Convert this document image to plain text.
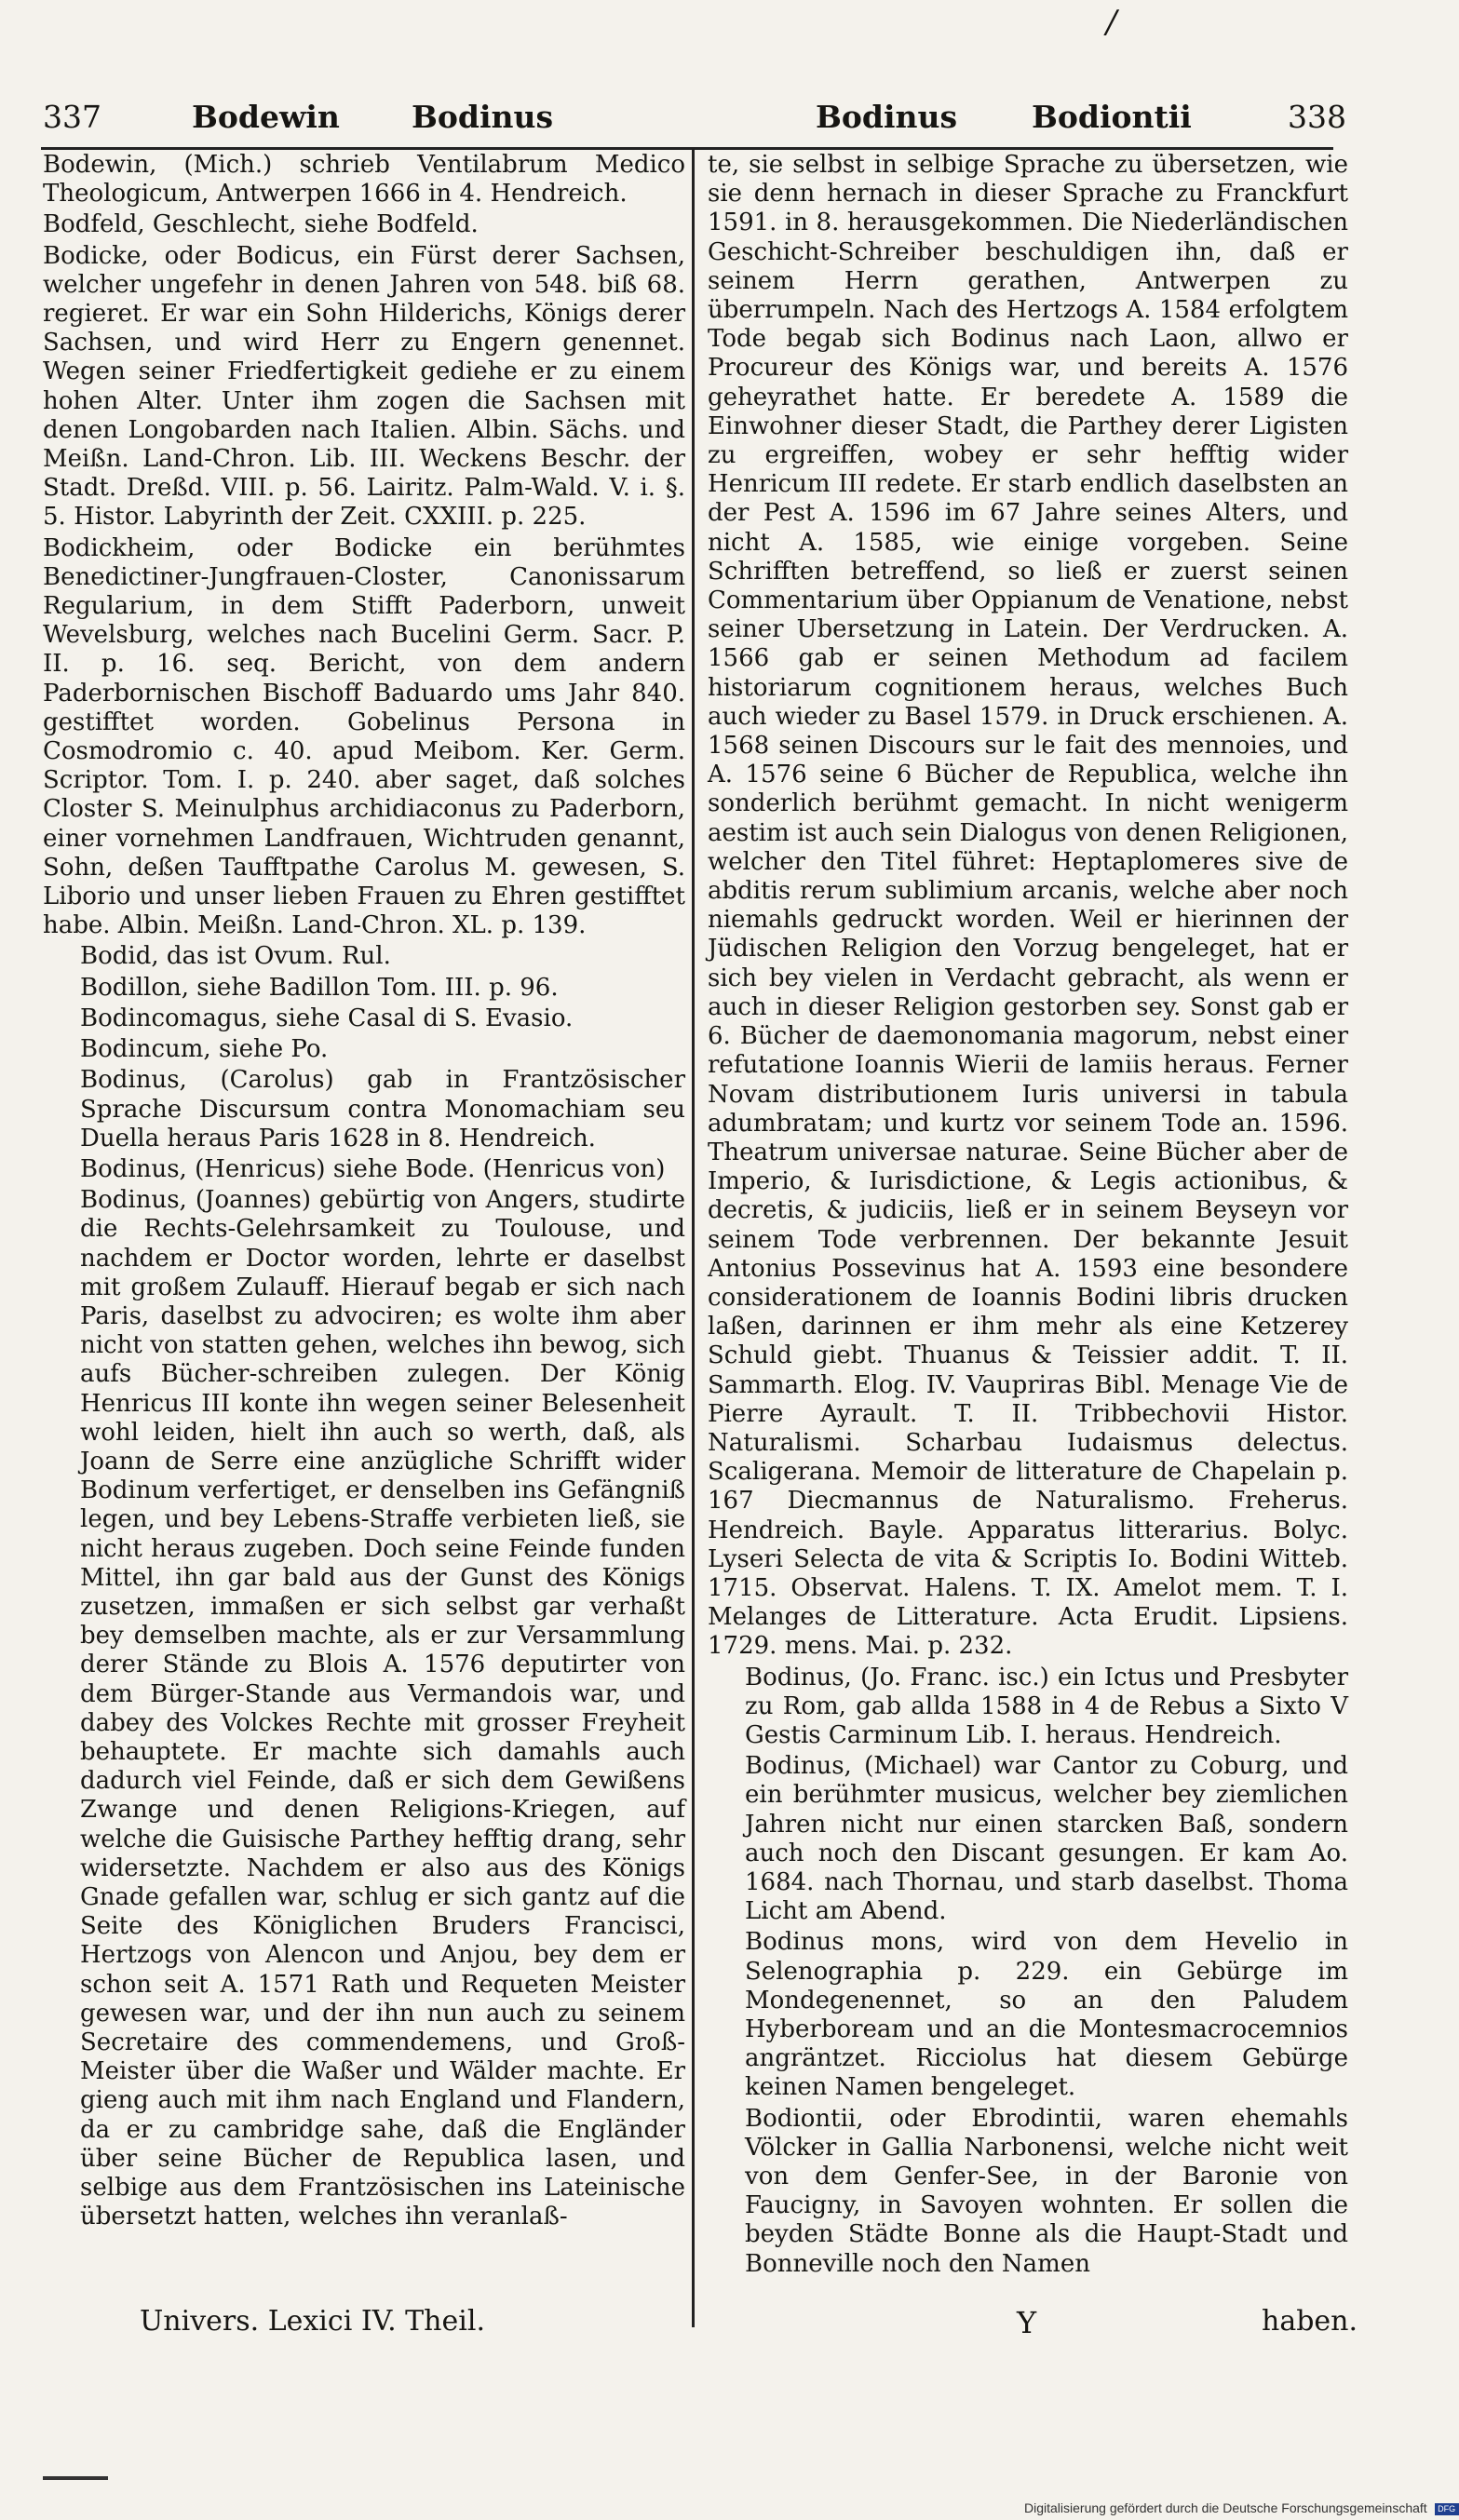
/
337	Bodewin Bodinus	Bodinus Bodiontii	338

Bodewin, (Mich.) schrieb Ventilabrum Medico Theologicum, Antwerpen 1666 in 4. Hendreich.

Bodfeld, Geschlecht, siehe Bodfeld.

Bodicke, oder Bodicus, ein Fürst derer Sachsen, welcher ungefehr in denen Jahren von 548. biß 68. regieret. Er war ein Sohn Hilderichs, Königs derer Sachsen, und wird Herr zu Engern genennet. Wegen seiner Friedfertigkeit gediehe er zu einem hohen Alter. Unter ihm zogen die Sachsen mit denen Longobarden nach Italien. Albin. Sächs. und Meißn. Land-Chron. Lib. III. Weckens Beschr. der Stadt. Dreßd. VIII. p. 56. Lairitz. Palm-Wald. V. i. §. 5. Histor. Labyrinth der Zeit. CXXIII. p. 225.

Bodickheim, oder Bodicke ein berühmtes Benedictiner-Jungfrauen-Closter, Canonissarum Regularium, in dem Stifft Paderborn, unweit Wevelsburg, welches nach Bucelini Germ. Sacr. P. II. p. 16. seq. Bericht, von dem andern Paderbornischen Bischoff Baduardo ums Jahr 840. gestifftet worden. Gobelinus Persona in Cosmodromio c. 40. apud Meibom. Ker. Germ. Scriptor. Tom. I. p. 240. aber saget, daß solches Closter S. Meinulphus archidiaconus zu Paderborn, einer vornehmen Landfrauen, Wichtruden genannt, Sohn, deßen Taufftpathe Carolus M. gewesen, S. Liborio und unser lieben Frauen zu Ehren gestifftet habe. Albin. Meißn. Land-Chron. XL. p. 139.

Bodid, das ist Ovum. Rul.

Bodillon, siehe Badillon Tom. III. p. 96.

Bodincomagus, siehe Casal di S. Evasio.

Bodincum, siehe Po.

Bodinus, (Carolus) gab in Frantzösischer Sprache Discursum contra Monomachiam seu Duella heraus Paris 1628 in 8. Hendreich.

Bodinus, (Henricus) siehe Bode. (Henricus von)

Bodinus, (Joannes) gebürtig von Angers, studirte die Rechts-Gelehrsamkeit zu Toulouse, und nachdem er Doctor worden, lehrte er daselbst mit großem Zulauff. Hierauf begab er sich nach Paris, daselbst zu advociren; es wolte ihm aber nicht von statten gehen, welches ihn bewog, sich aufs Bücher-schreiben zulegen. Der König Henricus III konte ihn wegen seiner Belesenheit wohl leiden, hielt ihn auch so werth, daß, als Joann de Serre eine anzügliche Schrifft wider Bodinum verfertiget, er denselben ins Gefängniß legen, und bey Lebens-Straffe verbieten ließ, sie nicht heraus zugeben. Doch seine Feinde funden Mittel, ihn gar bald aus der Gunst des Königs zusetzen, immaßen er sich selbst gar verhaßt bey demselben machte, als er zur Versammlung derer Stände zu Blois A. 1576 deputirter von dem Bürger-Stande aus Vermandois war, und dabey des Volckes Rechte mit grosser Freyheit behauptete. Er machte sich damahls auch dadurch viel Feinde, daß er sich dem Gewißens Zwange und denen Religions-Kriegen, auf welche die Guisische Parthey hefftig drang, sehr widersetzte. Nachdem er also aus des Königs Gnade gefallen war, schlug er sich gantz auf die Seite des Königlichen Bruders Francisci, Hertzogs von Alencon und Anjou, bey dem er schon seit A. 1571 Rath und Requeten Meister gewesen war, und der ihn nun auch zu seinem Secretaire des commendemens, und Groß-Meister über die Waßer und Wälder machte. Er gieng auch mit ihm nach England und Flandern, da er zu cambridge sahe, daß die Engländer über seine Bücher de Republica lasen, und selbige aus dem Frantzösischen ins Lateinische übersetzt hatten, welches ihn veranlaß-

te, sie selbst in selbige Sprache zu übersetzen, wie sie denn hernach in dieser Sprache zu Franckfurt 1591. in 8. herausgekommen. Die Niederländischen Geschicht-Schreiber beschuldigen ihn, daß er seinem Herrn gerathen, Antwerpen zu überrumpeln. Nach des Hertzogs A. 1584 erfolgtem Tode begab sich Bodinus nach Laon, allwo er Procureur des Königs war, und bereits A. 1576 geheyrathet hatte. Er beredete A. 1589 die Einwohner dieser Stadt, die Parthey derer Ligisten zu ergreiffen, wobey er sehr hefftig wider Henricum III redete. Er starb endlich daselbsten an der Pest A. 1596 im 67 Jahre seines Alters, und nicht A. 1585, wie einige vorgeben. Seine Schrifften betreffend, so ließ er zuerst seinen Commentarium über Oppianum de Venatione, nebst seiner Ubersetzung in Latein. Der Verdrucken. A. 1566 gab er seinen Methodum ad facilem historiarum cognitionem heraus, welches Buch auch wieder zu Basel 1579. in Druck erschienen. A. 1568 seinen Discours sur le fait des mennoies, und A. 1576 seine 6 Bücher de Republica, welche ihn sonderlich berühmt gemacht. In nicht wenigerm aestim ist auch sein Dialogus von denen Religionen, welcher den Titel führet: Heptaplomeres sive de abditis rerum sublimium arcanis, welche aber noch niemahls gedruckt worden. Weil er hierinnen der Jüdischen Religion den Vorzug bengeleget, hat er sich bey vielen in Verdacht gebracht, als wenn er auch in dieser Religion gestorben sey. Sonst gab er 6. Bücher de daemonomania magorum, nebst einer refutatione Ioannis Wierii de lamiis heraus. Ferner Novam distributionem Iuris universi in tabula adumbratam; und kurtz vor seinem Tode an. 1596. Theatrum universae naturae. Seine Bücher aber de Imperio, & Iurisdictione, & Legis actionibus, & decretis, & judiciis, ließ er in seinem Beyseyn vor seinem Tode verbrennen. Der bekannte Jesuit Antonius Possevinus hat A. 1593 eine besondere considerationem de Ioannis Bodini libris drucken laßen, darinnen er ihm mehr als eine Ketzerey Schuld giebt. Thuanus & Teissier addit. T. II. Sammarth. Elog. IV. Vaupriras Bibl. Menage Vie de Pierre Ayrault. T. II. Tribbechovii Histor. Naturalismi. Scharbau Iudaismus delectus. Scaligerana. Memoir de litterature de Chapelain p. 167 Diecmannus de Naturalismo. Freherus. Hendreich. Bayle. Apparatus litterarius. Bolyc. Lyseri Selecta de vita & Scriptis Io. Bodini Witteb. 1715. Observat. Halens. T. IX. Amelot mem. T. I. Melanges de Litterature. Acta Erudit. Lipsiens. 1729. mens. Mai. p. 232.

Bodinus, (Jo. Franc. isc.) ein Ictus und Presbyter zu Rom, gab allda 1588 in 4 de Rebus a Sixto V Gestis Carminum Lib. I. heraus. Hendreich.

Bodinus, (Michael) war Cantor zu Coburg, und ein berühmter musicus, welcher bey ziemlichen Jahren nicht nur einen starcken Baß, sondern auch noch den Discant gesungen. Er kam Ao. 1684. nach Thornau, und starb daselbst. Thoma Licht am Abend.

Bodinus mons, wird von dem Hevelio in Selenographia p. 229. ein Gebürge im Mondegenennet, so an den Paludem Hyberboream und an die Montesmacrocemnios angräntzet. Ricciolus hat diesem Gebürge keinen Namen bengeleget.

Bodiontii, oder Ebrodintii, waren ehemahls Völcker in Gallia Narbonensi, welche nicht weit von dem Genfer-See, in der Baronie von Faucigny, in Savoyen wohnten. Er sollen die beyden Städte Bonne als die Haupt-Stadt und Bonneville noch den Namen

Univers. Lexici IV. Theil.	Y	haben.
Digitalisierung gefördert durch die Deutsche Forschungsgemeinschaft DFG
